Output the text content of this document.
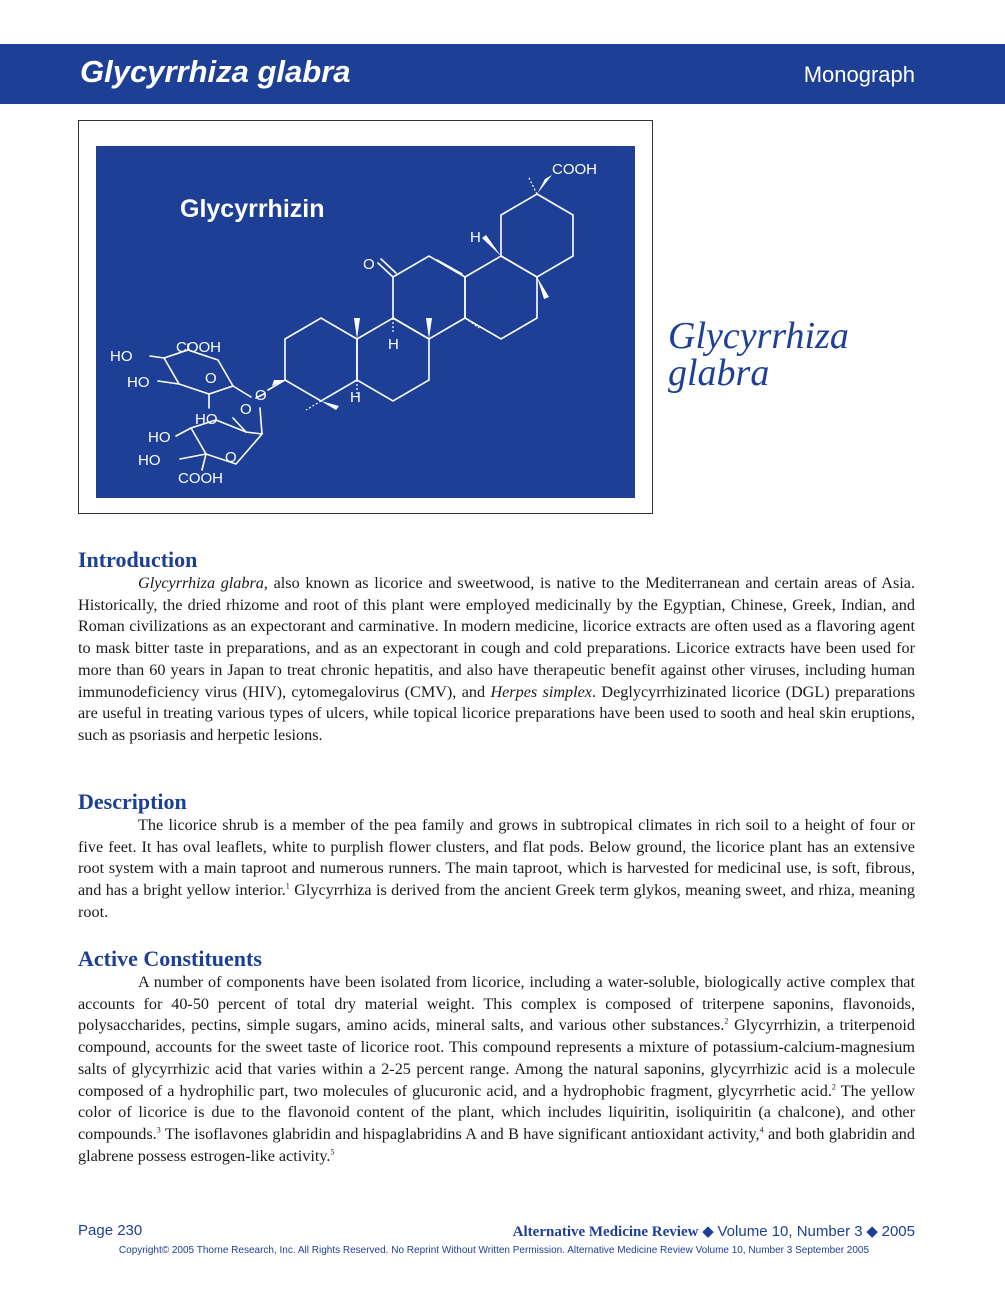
Glycyrrhiza glabra	Monograph
Glycyrrhizin
COOH
H
O
H
H
HO
COOH
HO	O
O
HO
O
HO
HO	O
COOH
Glycyrrhiza
glabra
Introduction

Glycyrrhiza glabra, also known as licorice and sweetwood, is native to the Mediterranean and certain areas of Asia. Historically, the dried rhizome and root of this plant were employed medicinally by the Egyptian, Chinese, Greek, Indian, and Roman civilizations as an expectorant and carminative. In modern medicine, licorice extracts are often used as a flavoring agent to mask bitter taste in preparations, and as an expectorant in cough and cold preparations. Licorice extracts have been used for more than 60 years in Japan to treat chronic hepatitis, and also have therapeutic benefit against other viruses, including human immunodeficiency virus (HIV), cytomegalovirus (CMV), and Herpes simplex. Deglycyrrhizinated licorice (DGL) preparations are useful in treating various types of ulcers, while topical licorice preparations have been used to sooth and heal skin eruptions, such as psoriasis and herpetic lesions.

Description

The licorice shrub is a member of the pea family and grows in subtropical climates in rich soil to a height of four or five feet. It has oval leaflets, white to purplish flower clusters, and flat pods. Below ground, the licorice plant has an extensive root system with a main taproot and numerous runners. The main taproot, which is harvested for medicinal use, is soft, fibrous, and has a bright yellow interior.$^1$ Glycyrrhiza is derived from the ancient Greek term glykos, meaning sweet, and rhiza, meaning root.

Active Constituents

A number of components have been isolated from licorice, including a water-soluble, biologically active complex that accounts for 40-50 percent of total dry material weight. This complex is composed of triterpene saponins, flavonoids, polysaccharides, pectins, simple sugars, amino acids, mineral salts, and various other substances.$^2$ Glycyrrhizin, a triterpenoid compound, accounts for the sweet taste of licorice root. This compound represents a mixture of potassium-calcium-magnesium salts of glycyrrhizic acid that varies within a 2-25 percent range. Among the natural saponins, glycyrrhizic acid is a molecule composed of a hydrophilic part, two molecules of glucuronic acid, and a hydrophobic fragment, glycyrrhetic acid.$^2$ The yellow color of licorice is due to the flavonoid content of the plant, which includes liquiritin, isoliquiritin (a chalcone), and other compounds.$^3$ The isoflavones glabridin and hispaglabridins A and B have significant antioxidant activity,$^4$ and both glabridin and glabrene possess estrogen-like activity.$^5$

Page 230	Alternative Medicine Review ◆ Volume 10, Number 3 ◆ 2005
Copyright© 2005 Thorne Research, Inc. All Rights Reserved. No Reprint Without Written Permission. Alternative Medicine Review Volume 10, Number 3 September 2005
